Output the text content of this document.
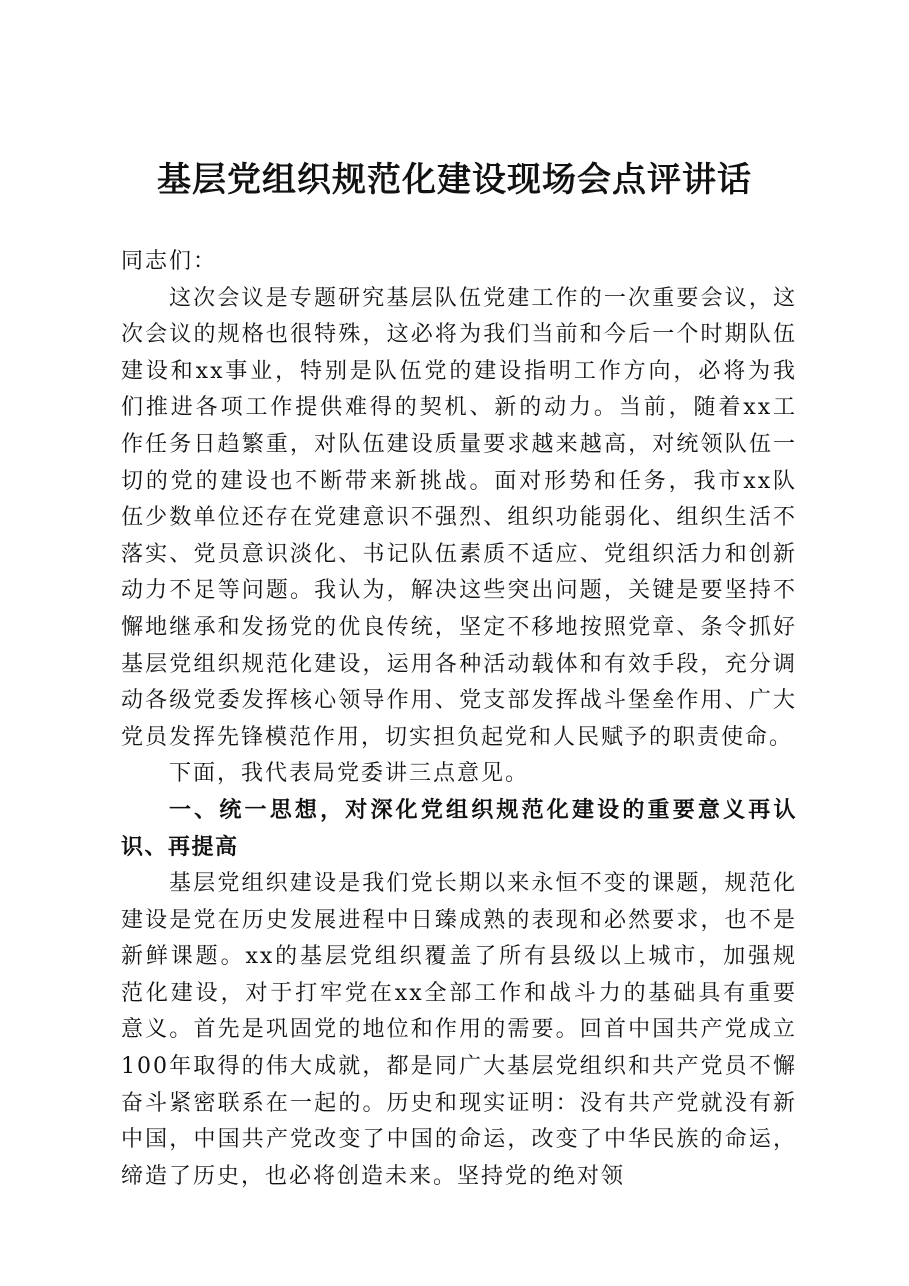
基层党组织规范化建设现场会点评讲话

同志们：

这次会议是专题研究基层队伍党建工作的一次重要会议，这次会议的规格也很特殊，这必将为我们当前和今后一个时期队伍建设和xx事业，特别是队伍党的建设指明工作方向，必将为我们推进各项工作提供难得的契机、新的动力。当前，随着xx工作任务日趋繁重，对队伍建设质量要求越来越高，对统领队伍一切的党的建设也不断带来新挑战。面对形势和任务，我市xx队伍少数单位还存在党建意识不强烈、组织功能弱化、组织生活不落实、党员意识淡化、书记队伍素质不适应、党组织活力和创新动力不足等问题。我认为，解决这些突出问题，关键是要坚持不懈地继承和发扬党的优良传统，坚定不移地按照党章、条令抓好基层党组织规范化建设，运用各种活动载体和有效手段，充分调动各级党委发挥核心领导作用、党支部发挥战斗堡垒作用、广大党员发挥先锋模范作用，切实担负起党和人民赋予的职责使命。

下面，我代表局党委讲三点意见。

一、统一思想，对深化党组织规范化建设的重要意义再认识、再提高

基层党组织建设是我们党长期以来永恒不变的课题，规范化建设是党在历史发展进程中日臻成熟的表现和必然要求，也不是新鲜课题。xx的基层党组织覆盖了所有县级以上城市，加强规范化建设，对于打牢党在xx全部工作和战斗力的基础具有重要意义。首先是巩固党的地位和作用的需要。回首中国共产党成立100年取得的伟大成就，都是同广大基层党组织和共产党员不懈奋斗紧密联系在一起的。历史和现实证明：没有共产党就没有新中国，中国共产党改变了中国的命运，改变了中华民族的命运，缔造了历史，也必将创造未来。坚持党的绝对领
